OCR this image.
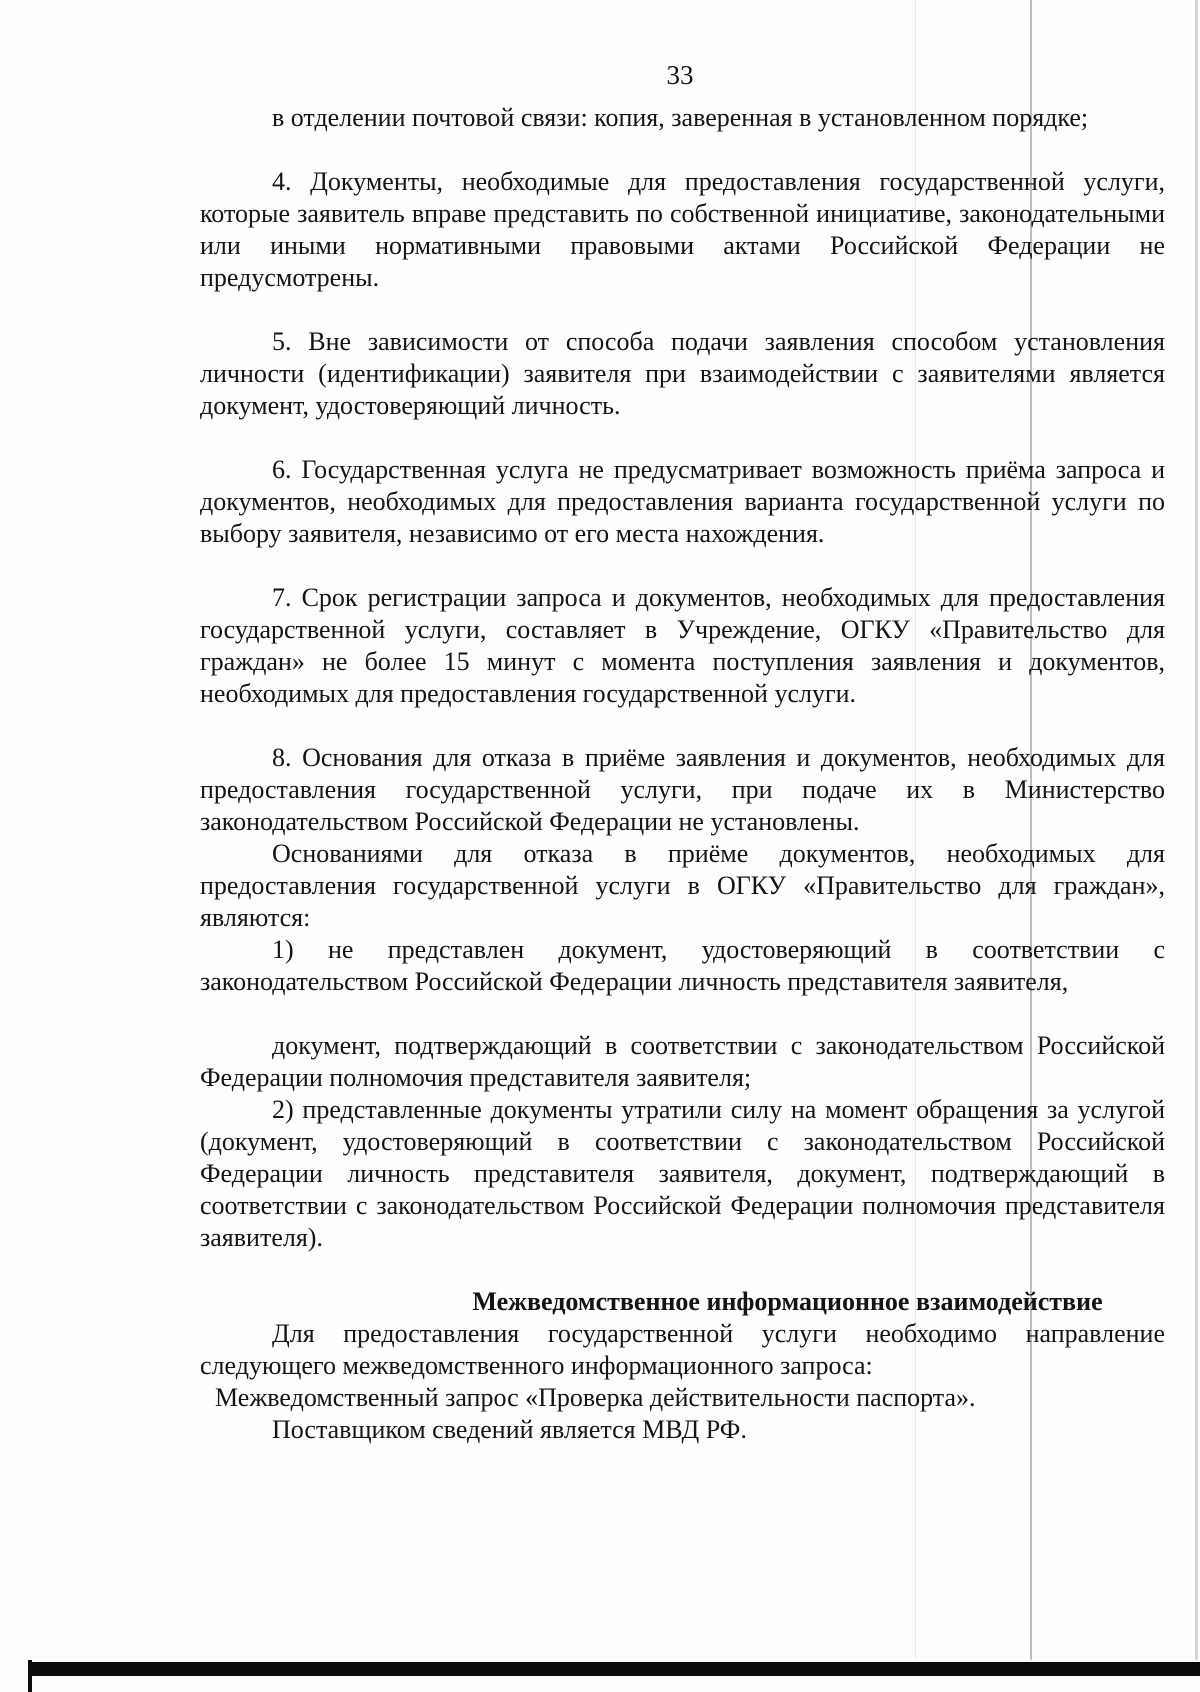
33

в отделении почтовой связи: копия, заверенная в установленном порядке;

4. Документы, необходимые для предоставления государственной услуги, которые заявитель вправе представить по собственной инициативе, законодательными или иными нормативными правовыми актами Российской Федерации не предусмотрены.

5. Вне зависимости от способа подачи заявления способом установления личности (идентификации) заявителя при взаимодействии с заявителями является документ, удостоверяющий личность.

6. Государственная услуга не предусматривает возможность приёма запроса и документов, необходимых для предоставления варианта государственной услуги по выбору заявителя, независимо от его места нахождения.

7. Срок регистрации запроса и документов, необходимых для предоставления государственной услуги, составляет в Учреждение, ОГКУ «Правительство для граждан» не более 15 минут с момента поступления заявления и документов, необходимых для предоставления государственной услуги.

8. Основания для отказа в приёме заявления и документов, необходимых для предоставления государственной услуги, при подаче их в Министерство законодательством Российской Федерации не установлены.

Основаниями для отказа в приёме документов, необходимых для предоставления государственной услуги в ОГКУ «Правительство для граждан», являются:

1) не представлен документ, удостоверяющий в соответствии с законодательством Российской Федерации личность представителя заявителя,

документ, подтверждающий в соответствии с законодательством Российской Федерации полномочия представителя заявителя;

2) представленные документы утратили силу на момент обращения за услугой (документ, удостоверяющий в соответствии с законодательством Российской Федерации личность представителя заявителя, документ, подтверждающий в соответствии с законодательством Российской Федерации полномочия представителя заявителя).

Межведомственное информационное взаимодействие

Для предоставления государственной услуги необходимо направление следующего межведомственного информационного запроса:

Межведомственный запрос «Проверка действительности паспорта».

Поставщиком сведений является МВД РФ.
